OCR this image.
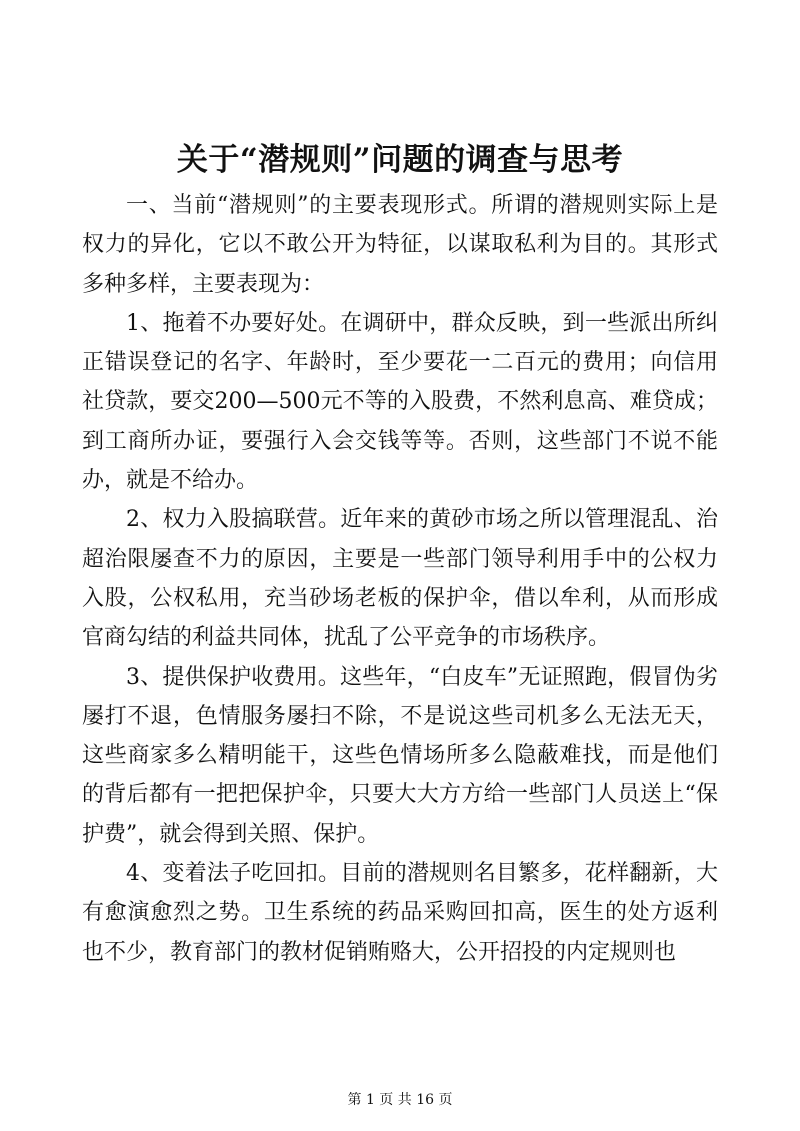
关于“潜规则”问题的调查与思考

一、当前“潜规则”的主要表现形式。所谓的潜规则实际上是权力的异化，它以不敢公开为特征，以谋取私利为目的。其形式多种多样，主要表现为：

1、拖着不办要好处。在调研中，群众反映，到一些派出所纠正错误登记的名字、年龄时，至少要花一二百元的费用；向信用社贷款，要交200—500元不等的入股费，不然利息高、难贷成；到工商所办证，要强行入会交钱等等。否则，这些部门不说不能办，就是不给办。

2、权力入股搞联营。近年来的黄砂市场之所以管理混乱、治超治限屡查不力的原因，主要是一些部门领导利用手中的公权力入股，公权私用，充当砂场老板的保护伞，借以牟利，从而形成官商勾结的利益共同体，扰乱了公平竞争的市场秩序。

3、提供保护收费用。这些年，“白皮车”无证照跑，假冒伪劣屡打不退，色情服务屡扫不除，不是说这些司机多么无法无天，这些商家多么精明能干，这些色情场所多么隐蔽难找，而是他们的背后都有一把把保护伞，只要大大方方给一些部门人员送上“保护费”，就会得到关照、保护。

4、变着法子吃回扣。目前的潜规则名目繁多，花样翻新，大有愈演愈烈之势。卫生系统的药品采购回扣高，医生的处方返利也不少，教育部门的教材促销贿赂大，公开招投的内定规则也

第 1 页 共 16 页
